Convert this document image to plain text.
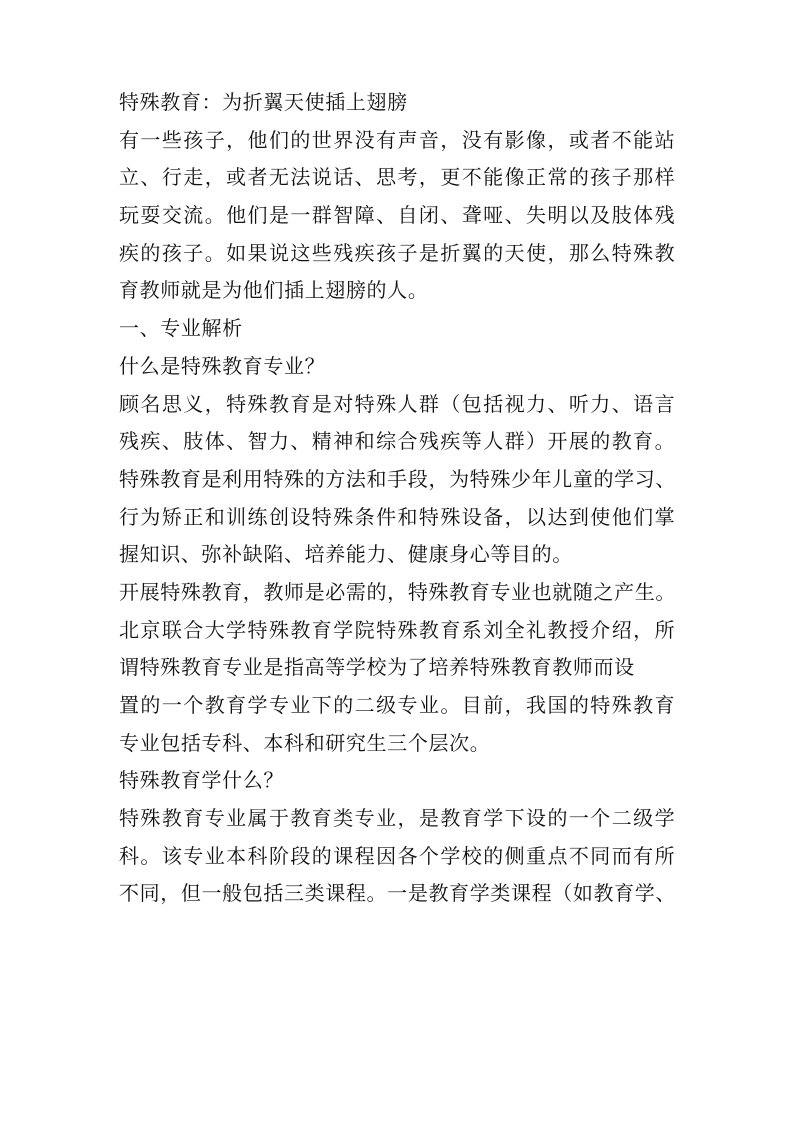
特殊教育：为折翼天使插上翅膀
有一些孩子，他们的世界没有声音，没有影像，或者不能站
立、行走，或者无法说话、思考，更不能像正常的孩子那样
玩耍交流。他们是一群智障、自闭、聋哑、失明以及肢体残
疾的孩子。如果说这些残疾孩子是折翼的天使，那么特殊教
育教师就是为他们插上翅膀的人。
一、专业解析
什么是特殊教育专业？
顾名思义，特殊教育是对特殊人群（包括视力、听力、语言
残疾、肢体、智力、精神和综合残疾等人群）开展的教育。
特殊教育是利用特殊的方法和手段，为特殊少年儿童的学习、
行为矫正和训练创设特殊条件和特殊设备，以达到使他们掌
握知识、弥补缺陷、培养能力、健康身心等目的。
开展特殊教育，教师是必需的，特殊教育专业也就随之产生。
北京联合大学特殊教育学院特殊教育系刘全礼教授介绍，所
谓特殊教育专业是指高等学校为了培养特殊教育教师而设
置的一个教育学专业下的二级专业。目前，我国的特殊教育
专业包括专科、本科和研究生三个层次。
特殊教育学什么？
特殊教育专业属于教育类专业，是教育学下设的一个二级学
科。该专业本科阶段的课程因各个学校的侧重点不同而有所
不同，但一般包括三类课程。一是教育学类课程（如教育学、
